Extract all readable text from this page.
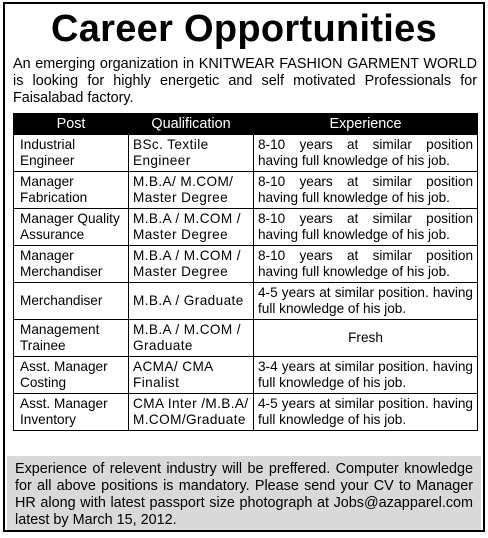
Career Opportunities
An emerging organization in KNITWEAR FASHION GARMENT WORLD is looking for highly energetic and self motivated Professionals for Faisalabad factory.
Post	Qualification	Experience
Industrial Engineer	BSc. Textile Engineer	8-10 years at similar position having full knowledge of his job.
Manager Fabrication	M.B.A/ M.COM/ Master Degree	8-10 years at similar position having full knowledge of his job.
Manager Quality Assurance	M.B.A / M.COM / Master Degree	8-10 years at similar position having full knowledge of his job.
Manager Merchandiser	M.B.A / M.COM / Master Degree	8-10 years at similar position having full knowledge of his job.
Merchandiser	M.B.A / Graduate	4-5 years at similar position. having full knowledge of his job.
Management Trainee	M.B.A / M.COM / Graduate	Fresh
Asst. Manager Costing	ACMA/ CMA Finalist	3-4 years at similar position. having full knowledge of his job.
Asst. Manager Inventory	CMA Inter /M.B.A/ M.COM/Graduate	4-5 years at similar position. having full knowledge of his job.
Experience of relevent industry will be preffered. Computer knowledge for all above positions is mandatory. Please send your CV to Manager HR along with latest passport size photograph at Jobs@azapparel.com latest by March 15, 2012.
